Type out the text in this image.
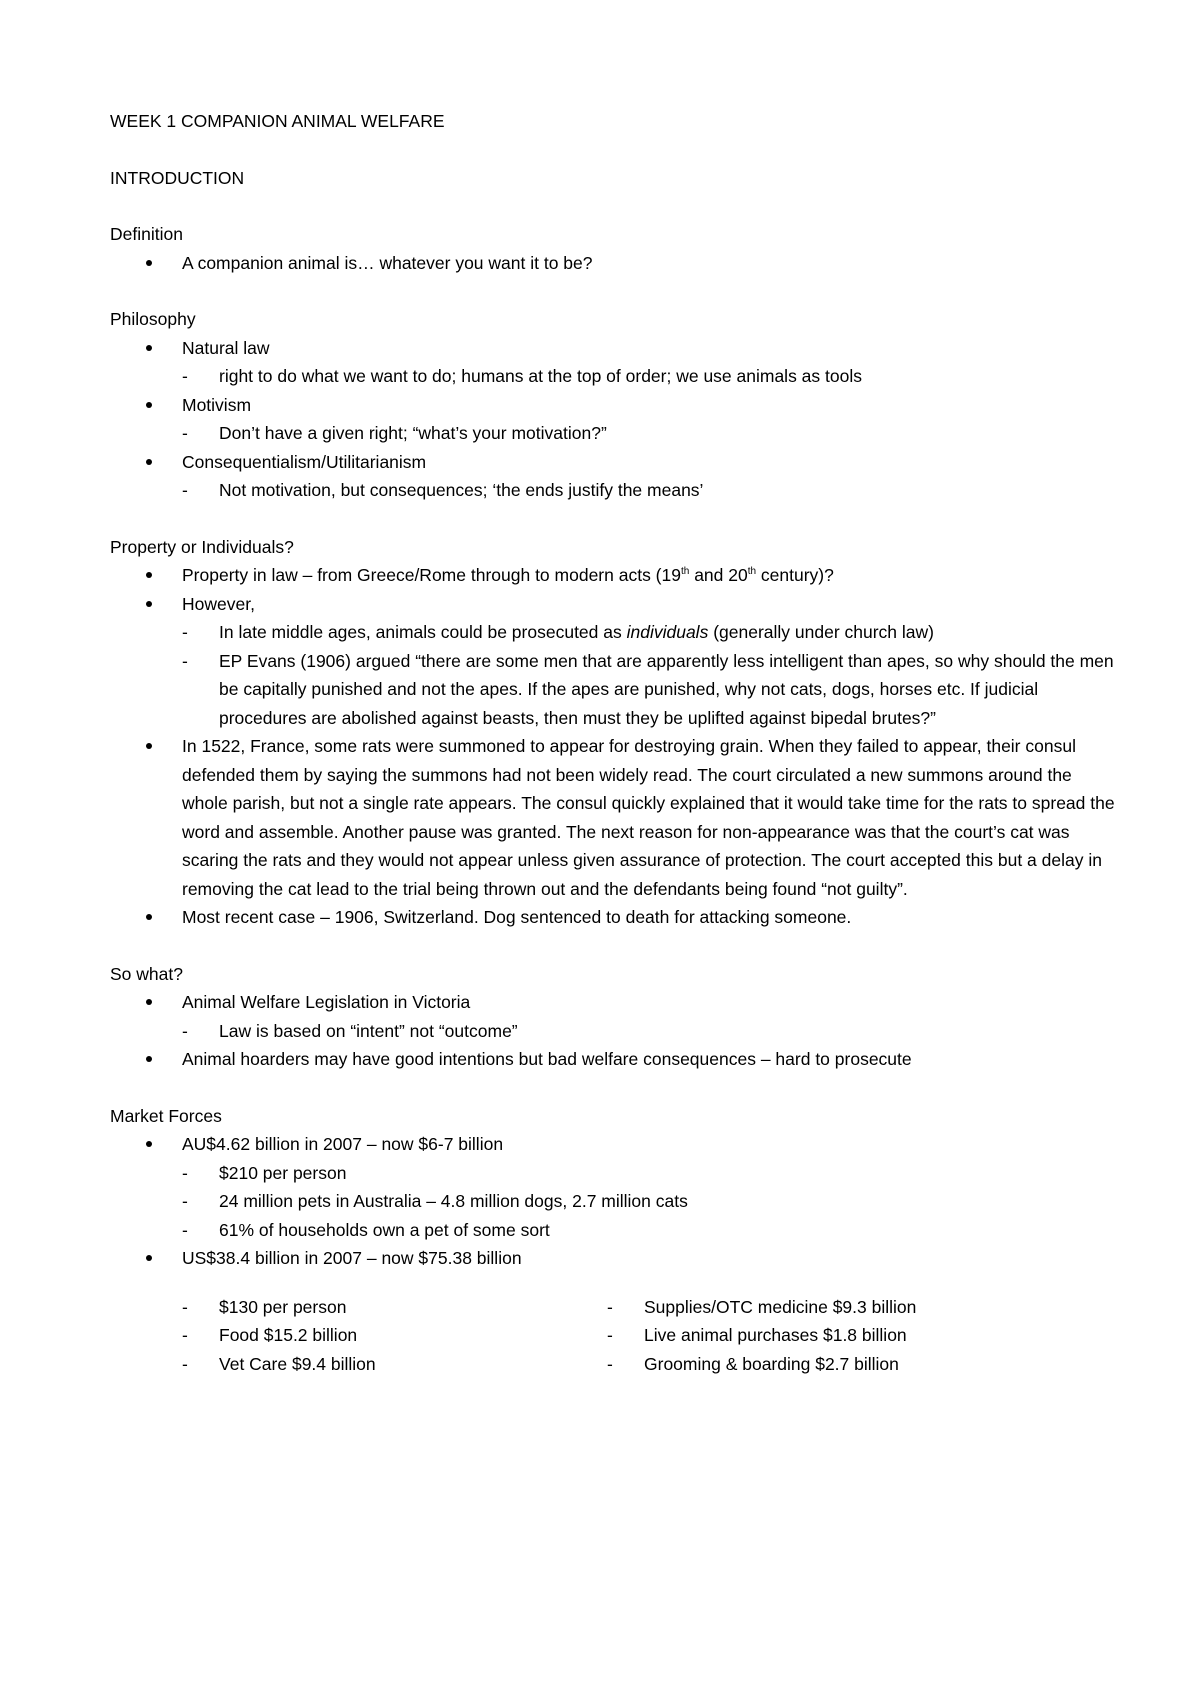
WEEK 1 COMPANION ANIMAL WELFARE

INTRODUCTION

Definition

A companion animal is… whatever you want it to be?

Philosophy

Natural law
-
right to do what we want to do; humans at the top of order; we use animals as tools
Motivism
-
Don’t have a given right; “what’s your motivation?”
Consequentialism/Utilitarianism
-
Not motivation, but consequences; ‘the ends justify the means’

Property or Individuals?

Property in law – from Greece/Rome through to modern acts (19th and 20th century)?
However,
-
In late middle ages, animals could be prosecuted as individuals (generally under church law)
-
EP Evans (1906) argued “there are some men that are apparently less intelligent than apes, so why should the men be capitally punished and not the apes. If the apes are punished, why not cats, dogs, horses etc. If judicial procedures are abolished against beasts, then must they be uplifted against bipedal brutes?”
In 1522, France, some rats were summoned to appear for destroying grain. When they failed to appear, their consul defended them by saying the summons had not been widely read. The court circulated a new summons around the whole parish, but not a single rate appears. The consul quickly explained that it would take time for the rats to spread the word and assemble. Another pause was granted. The next reason for non-appearance was that the court’s cat was scaring the rats and they would not appear unless given assurance of protection. The court accepted this but a delay in removing the cat lead to the trial being thrown out and the defendants being found “not guilty”.
Most recent case – 1906, Switzerland. Dog sentenced to death for attacking someone.

So what?

Animal Welfare Legislation in Victoria
-
Law is based on “intent” not “outcome”
Animal hoarders may have good intentions but bad welfare consequences – hard to prosecute

Market Forces

AU$4.62 billion in 2007 – now $6-7 billion
-
$210 per person
-
24 million pets in Australia – 4.8 million dogs, 2.7 million cats
-
61% of households own a pet of some sort
US$38.4 billion in 2007 – now $75.38 billion
-
$130 per person
-
Food $15.2 billion
-
Vet Care $9.4 billion
-
Supplies/OTC medicine $9.3 billion
-
Live animal purchases $1.8 billion
-
Grooming & boarding $2.7 billion
